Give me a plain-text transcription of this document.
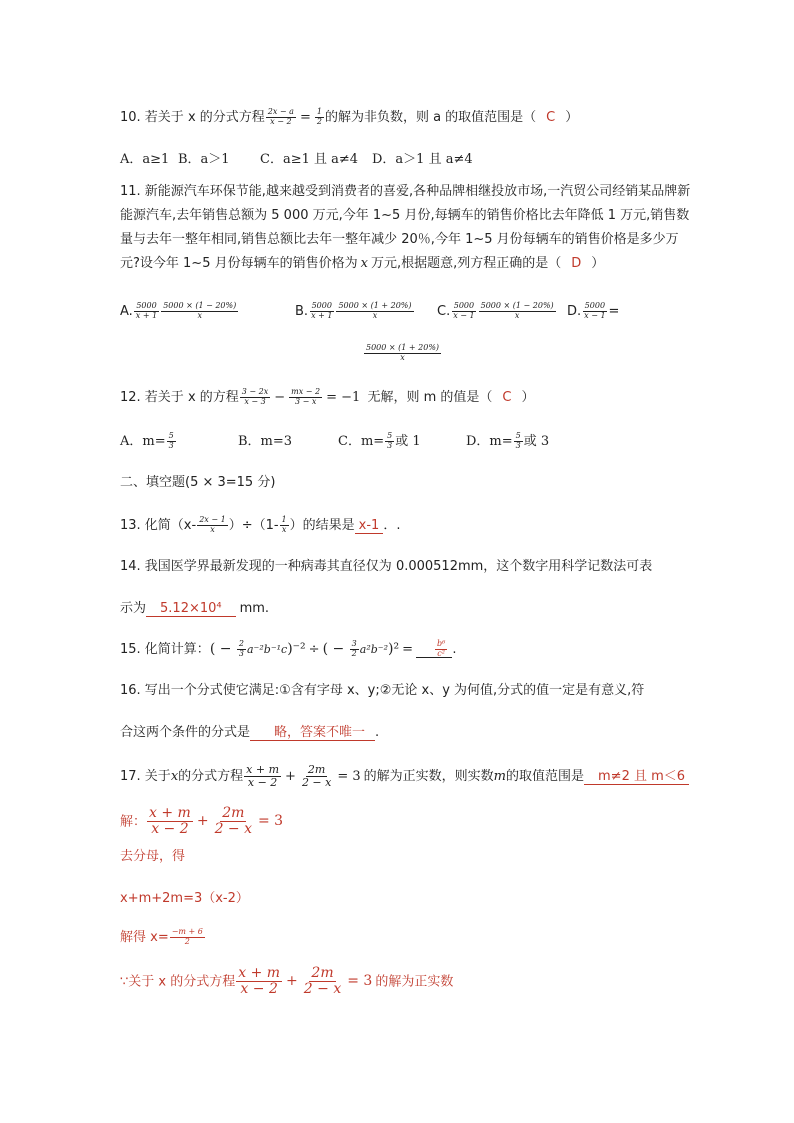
10. 若关于 x 的分式方程 $\frac{2x - a}{x - 2} = \frac{1}{2}$ 的解为非负数，则 a 的取值范围是（ C ）
A．a≥1 B．a＞1 C．a≥1 且 a≠4 D．a＞1 且 a≠4
11. 新能源汽车环保节能,越来越受到消费者的喜爱,各种品牌相继投放市场,一汽贸公司经销某品牌新能源汽车,去年销售总额为 5 000 万元,今年 1~5 月份,每辆车的销售价格比去年降低 1 万元,销售数量与去年一整年相同,销售总额比去年一整年减少 20％,今年 1~5 月份每辆车的销售价格是多少万元?设今年 1~5 月份每辆车的销售价格为 x 万元,根据题意,列方程正确的是（ D ）
A. $\frac{5000}{x + 1} \frac{5000 \times (1 - 20\%)}{x}$	B. $\frac{5000}{x + 1} \frac{5000 \times (1 + 20\%)}{x} C$. $\frac{5000}{x - 1} \frac{5000 \times (1 - 20\%)}{x} D$. $\frac{5000}{x - 1}$ =
$\frac{5000 \times (1 + 20\%)}{x}$
12. 若关于 x 的方程 $\frac{3 - 2x}{x - 3} - \frac{mx - 2}{3 - x} = -1$ 无解，则 m 的值是（ C ）
A．$m= \frac{5}{3}$	B．m=3	C．$m= \frac{5}{3}$ 或 1	D．$m= \frac{5}{3}$ 或 3
二、填空题(5 × 3=15 分)
13. 化简$(x- \frac{2x - 1}{x} )\div(1- \frac{1}{x}$ ）的结果是 x-1 ．.
14. 我国医学界最新发现的一种病毒其直径仅为 0.000512mm，这个数字用科学记数法可表
示为 5.12×10⁴ mm.
15. 化简计算：( − $\frac{2}{3} a^{-2}b^{-1}c)^{-2}$ ÷ ( − $\frac{3}{2} a^2b^{-2})^2$ =	$\frac{\text{b⁶}}{\text{c²}}$ .
16. 写出一个分式使它满足:①含有字母 x、y;②无论 x、y 为何值,分式的值一定是有意义,符
合这两个条件的分式是 略，答案不唯一 .
17. 关于x的分式方程 $\frac{x + m}{x - 2} + \frac{2m}{2 - x} = 3$ 的解为正实数，则实数m的取值范围是 m≠2 且 m＜6
解： $\frac{x + m}{x - 2} + \frac{2m}{2 - x} = 3$
去分母，得
x+m+2m=3（x-2）
解得 $x= \frac{-m + 6}{2}$
∵关于 x 的分式方程 $\frac{x + m}{x - 2} + \frac{2m}{2 - x} = 3$ 的解为正实数
